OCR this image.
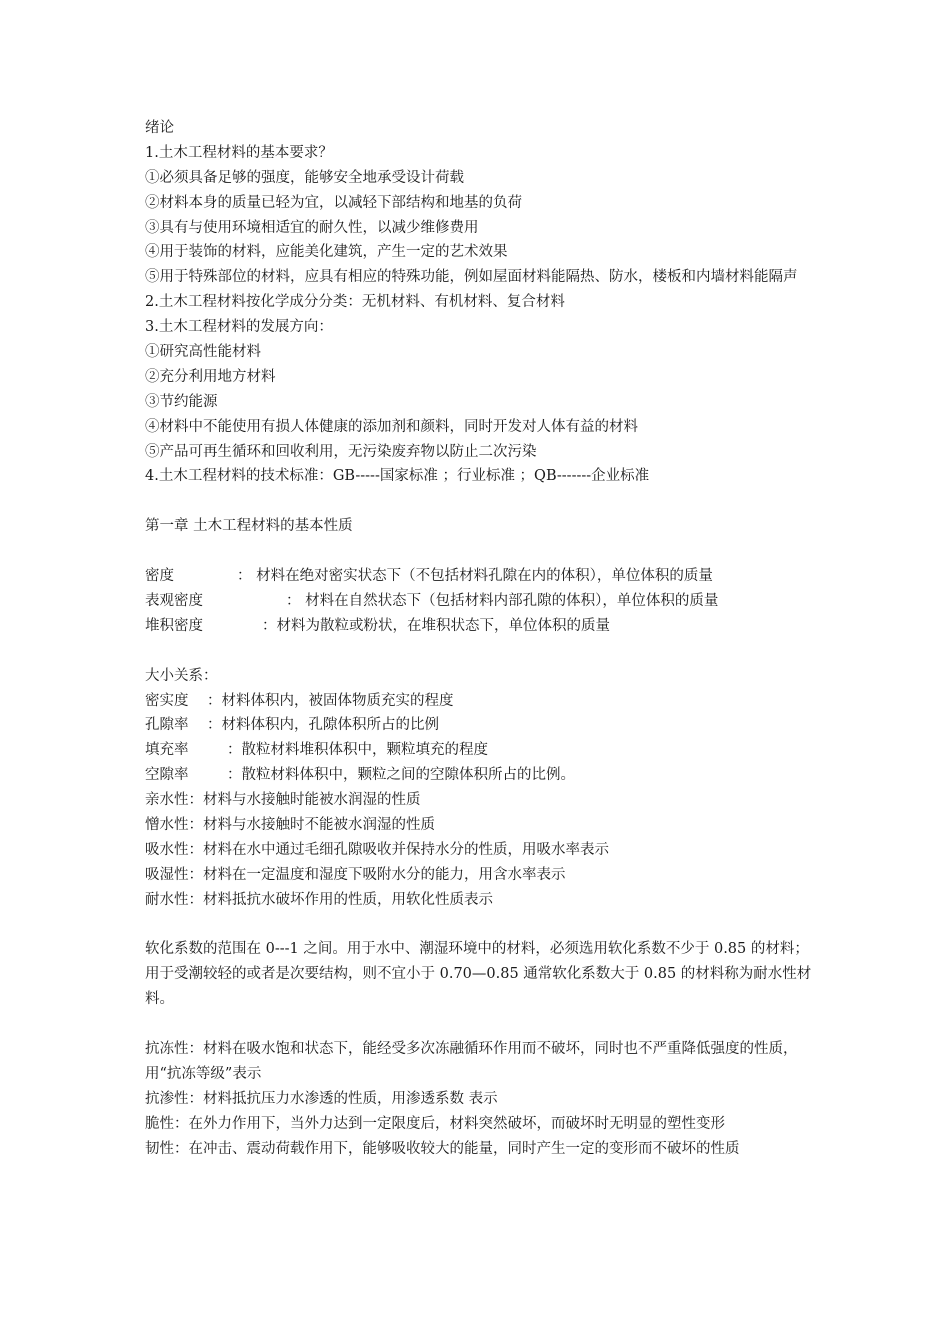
绪论
1.土木工程材料的基本要求？
①必须具备足够的强度，能够安全地承受设计荷载
②材料本身的质量已轻为宜，以减轻下部结构和地基的负荷
③具有与使用环境相适宜的耐久性，以减少维修费用
④用于装饰的材料，应能美化建筑，产生一定的艺术效果
⑤用于特殊部位的材料，应具有相应的特殊功能，例如屋面材料能隔热、防水，楼板和内墙材料能隔声
2.土木工程材料按化学成分分类：无机材料、有机材料、复合材料
3.土木工程材料的发展方向：
①研究高性能材料
②充分利用地方材料
③节约能源
④材料中不能使用有损人体健康的添加剂和颜料，同时开发对人体有益的材料
⑤产品可再生循环和回收利用，无污染废弃物以防止二次污染
4.土木工程材料的技术标准：GB-----国家标准 ；行业标准 ；QB-------企业标准
第一章 土木工程材料的基本性质
密度	： 材料在绝对密实状态下（不包括材料孔隙在内的体积），单位体积的质量
表观密度	： 材料在自然状态下（包括材料内部孔隙的体积），单位体积的质量
堆积密度	：材料为散粒或粉状，在堆积状态下，单位体积的质量
大小关系：
密实度 ：材料体积内，被固体物质充实的程度
孔隙率 ：材料体积内，孔隙体积所占的比例
填充率	：散粒材料堆积体积中，颗粒填充的程度
空隙率	：散粒材料体积中，颗粒之间的空隙体积所占的比例。
亲水性：材料与水接触时能被水润湿的性质
憎水性：材料与水接触时不能被水润湿的性质
吸水性：材料在水中通过毛细孔隙吸收并保持水分的性质，用吸水率表示
吸湿性：材料在一定温度和湿度下吸附水分的能力，用含水率表示
耐水性：材料抵抗水破坏作用的性质，用软化性质表示
软化系数的范围在 0---1 之间。用于水中、潮湿环境中的材料，必须选用软化系数不少于 0.85 的材料；用于受潮较轻的或者是次要结构，则不宜小于 0.70—0.85 通常软化系数大于 0.85 的材料称为耐水性材料。
抗冻性：材料在吸水饱和状态下，能经受多次冻融循环作用而不破坏，同时也不严重降低强度的性质，用“抗冻等级”表示
抗渗性：材料抵抗压力水渗透的性质，用渗透系数 表示
脆性：在外力作用下，当外力达到一定限度后，材料突然破坏，而破坏时无明显的塑性变形
韧性：在冲击、震动荷载作用下，能够吸收较大的能量，同时产生一定的变形而不破坏的性质
